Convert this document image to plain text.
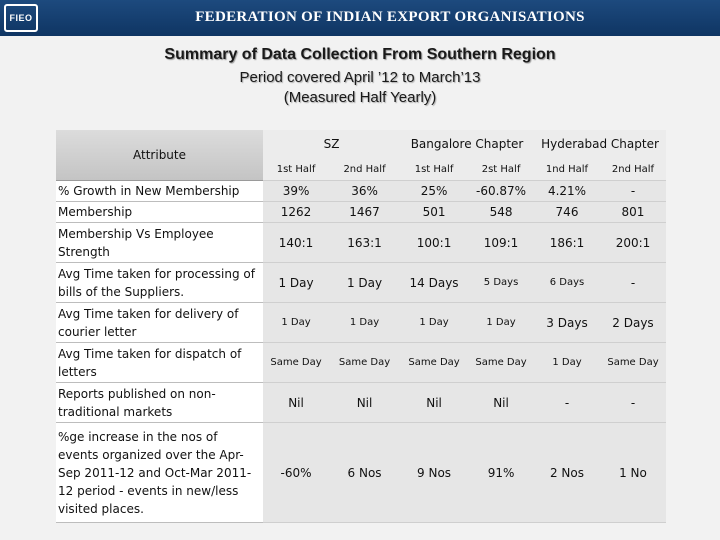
FIEO	FEDERATION OF INDIAN EXPORT ORGANISATIONS
Summary of Data Collection From Southern Region
Period covered April ’12 to March’13
(Measured Half Yearly)
Attribute	SZ		Bangalore Chapter		Hyderabad Chapter	
	1st Half	2nd Half	1st Half	2st Half	1nd Half	2nd Half
% Growth in New Membership	39%	36%	25%	-60.87%	4.21%	-
Membership	1262	1467	501	548	746	801
Membership Vs Employee Strength	140:1	163:1	100:1	109:1	186:1	200:1
Avg Time taken for processing of bills of the Suppliers.	1 Day	1 Day	14 Days	5 Days	6 Days	-
Avg Time taken for delivery of courier letter	1 Day	1 Day	1 Day	1 Day	3 Days	2 Days
Avg Time taken for dispatch of letters	Same Day	Same Day	Same Day	Same Day	1 Day	Same Day
Reports published on non-traditional markets	Nil	Nil	Nil	Nil	-	-
%ge increase in the nos of events organized over the Apr-Sep 2011-12 and Oct-Mar 2011-12 period - events in new/less visited places.	-60%	6 Nos	9 Nos	91%	2 Nos	1 No
